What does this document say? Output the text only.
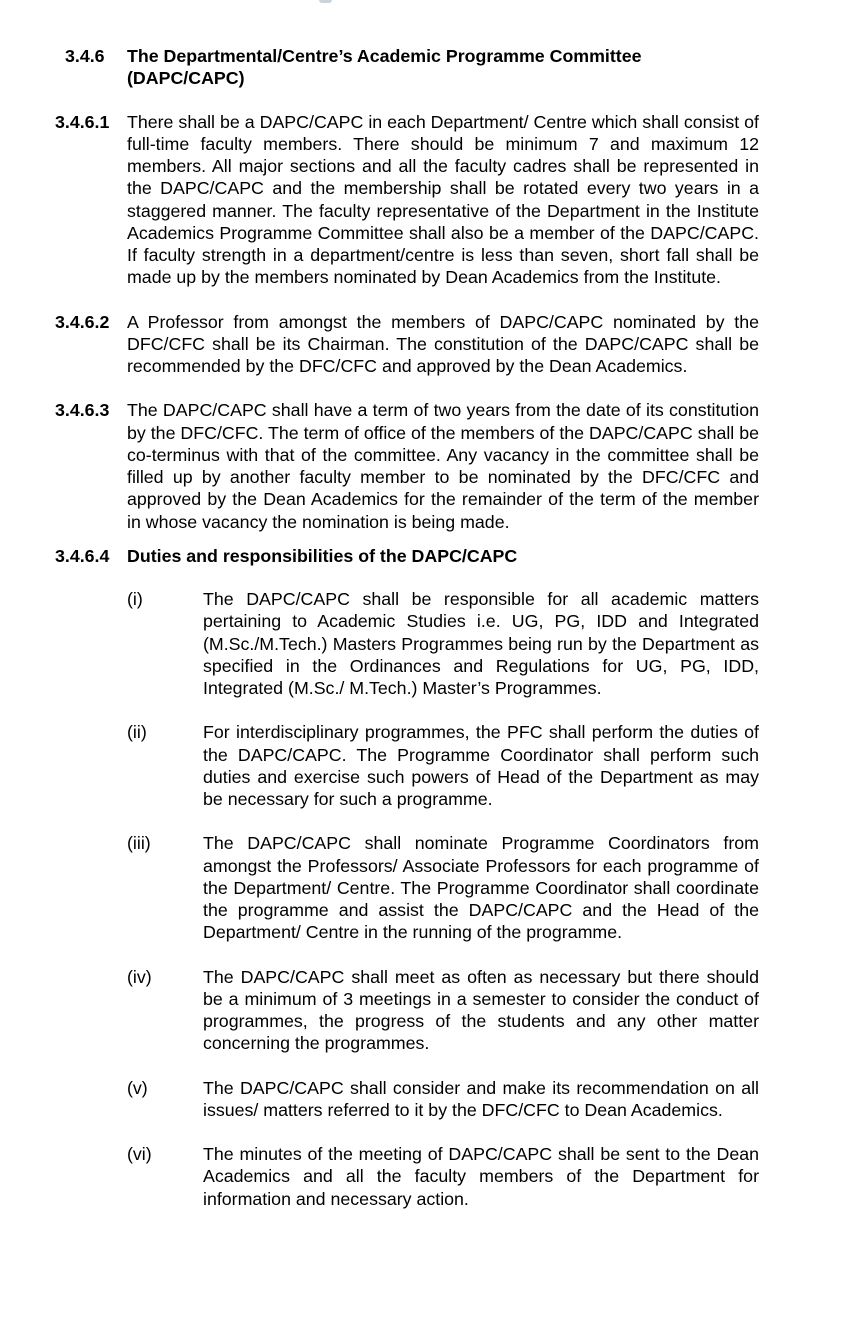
3.4.6 The Departmental/Centre’s Academic Programme Committee (DAPC/CAPC)
3.4.6.1 There shall be a DAPC/CAPC in each Department/ Centre which shall consist of full-time faculty members. There should be minimum 7 and maximum 12 members. All major sections and all the faculty cadres shall be represented in the DAPC/CAPC and the membership shall be rotated every two years in a staggered manner. The faculty representative of the Department in the Institute Academics Programme Committee shall also be a member of the DAPC/CAPC. If faculty strength in a department/centre is less than seven, short fall shall be made up by the members nominated by Dean Academics from the Institute.
3.4.6.2 A Professor from amongst the members of DAPC/CAPC nominated by the DFC/CFC shall be its Chairman. The constitution of the DAPC/CAPC shall be recommended by the DFC/CFC and approved by the Dean Academics.
3.4.6.3 The DAPC/CAPC shall have a term of two years from the date of its constitution by the DFC/CFC. The term of office of the members of the DAPC/CAPC shall be co-terminus with that of the committee. Any vacancy in the committee shall be filled up by another faculty member to be nominated by the DFC/CFC and approved by the Dean Academics for the remainder of the term of the member in whose vacancy the nomination is being made.
3.4.6.4 Duties and responsibilities of the DAPC/CAPC
(i)	The DAPC/CAPC shall be responsible for all academic matters pertaining to Academic Studies i.e. UG, PG, IDD and Integrated (M.Sc./M.Tech.) Masters Programmes being run by the Department as specified in the Ordinances and Regulations for UG, PG, IDD, Integrated (M.Sc./ M.Tech.) Master’s Programmes.
(ii)	For interdisciplinary programmes, the PFC shall perform the duties of the DAPC/CAPC. The Programme Coordinator shall perform such duties and exercise such powers of Head of the Department as may be necessary for such a programme.
(iii)	The DAPC/CAPC shall nominate Programme Coordinators from amongst the Professors/ Associate Professors for each programme of the Department/ Centre. The Programme Coordinator shall coordinate the programme and assist the DAPC/CAPC and the Head of the Department/ Centre in the running of the programme.
(iv)	The DAPC/CAPC shall meet as often as necessary but there should be a minimum of 3 meetings in a semester to consider the conduct of programmes, the progress of the students and any other matter concerning the programmes.
(v)	The DAPC/CAPC shall consider and make its recommendation on all issues/ matters referred to it by the DFC/CFC to Dean Academics.
(vi)	The minutes of the meeting of DAPC/CAPC shall be sent to the Dean Academics and all the faculty members of the Department for information and necessary action.
